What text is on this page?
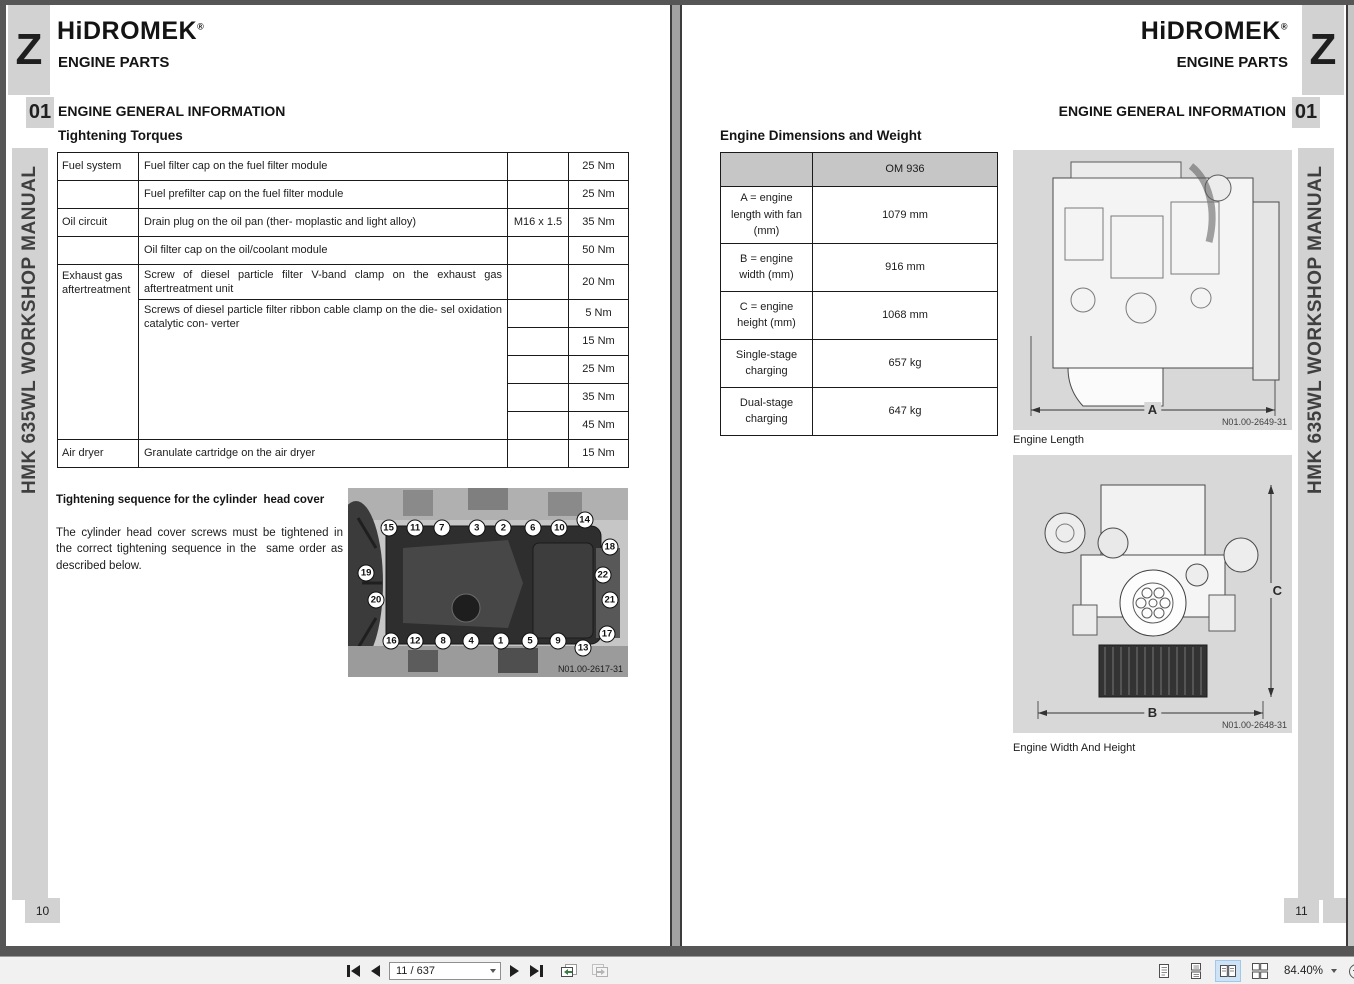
Z
01
HMK 635WL WORKSHOP MANUAL
10
HiDROMEK®
ENGINE PARTS
ENGINE GENERAL INFORMATION
Tightening Torques
Fuel system	Fuel filter cap on the fuel filter module		25 Nm
	Fuel prefilter cap on the fuel filter module		25 Nm
Oil circuit	Drain plug on the oil pan (ther- moplastic and light alloy)	M16 x 1.5	35 Nm
	Oil filter cap on the oil/coolant module		50 Nm
Exhaust gas aftertreatment	Screw of diesel particle filter V-band clamp on the exhaust gas aftertreatment unit		20 Nm
	Screws of diesel particle filter ribbon cable clamp on the die- sel oxidation catalytic con- verter		5 Nm
			15 Nm
			25 Nm
			35 Nm
			45 Nm
Air dryer	Granulate cartridge on the air dryer		15 Nm
Tightening sequence for the cylinder  head cover
The cylinder head cover screws must be tightened in the correct tightening sequence in the  same order as described below.
15	11	7	3	2	6	10
14
18
22
21
17
19
20
16	12	8	4	1	5	9
13
N01.00-2617-31
Z
01
HMK 635WL WORKSHOP MANUAL
11
HiDROMEK®
ENGINE PARTS
ENGINE GENERAL INFORMATION
Engine Dimensions and Weight
	OM 936
A = engine length with fan (mm)	1079 mm
B = engine width (mm)	916 mm
C = engine height (mm)	1068 mm
Single-stage charging	657 kg
Dual-stage charging	647 kg	A
N01.00-2649-31
Engine Length
B
C
N01.00-2648-31
Engine Width And Height
11 / 637	84.40%
